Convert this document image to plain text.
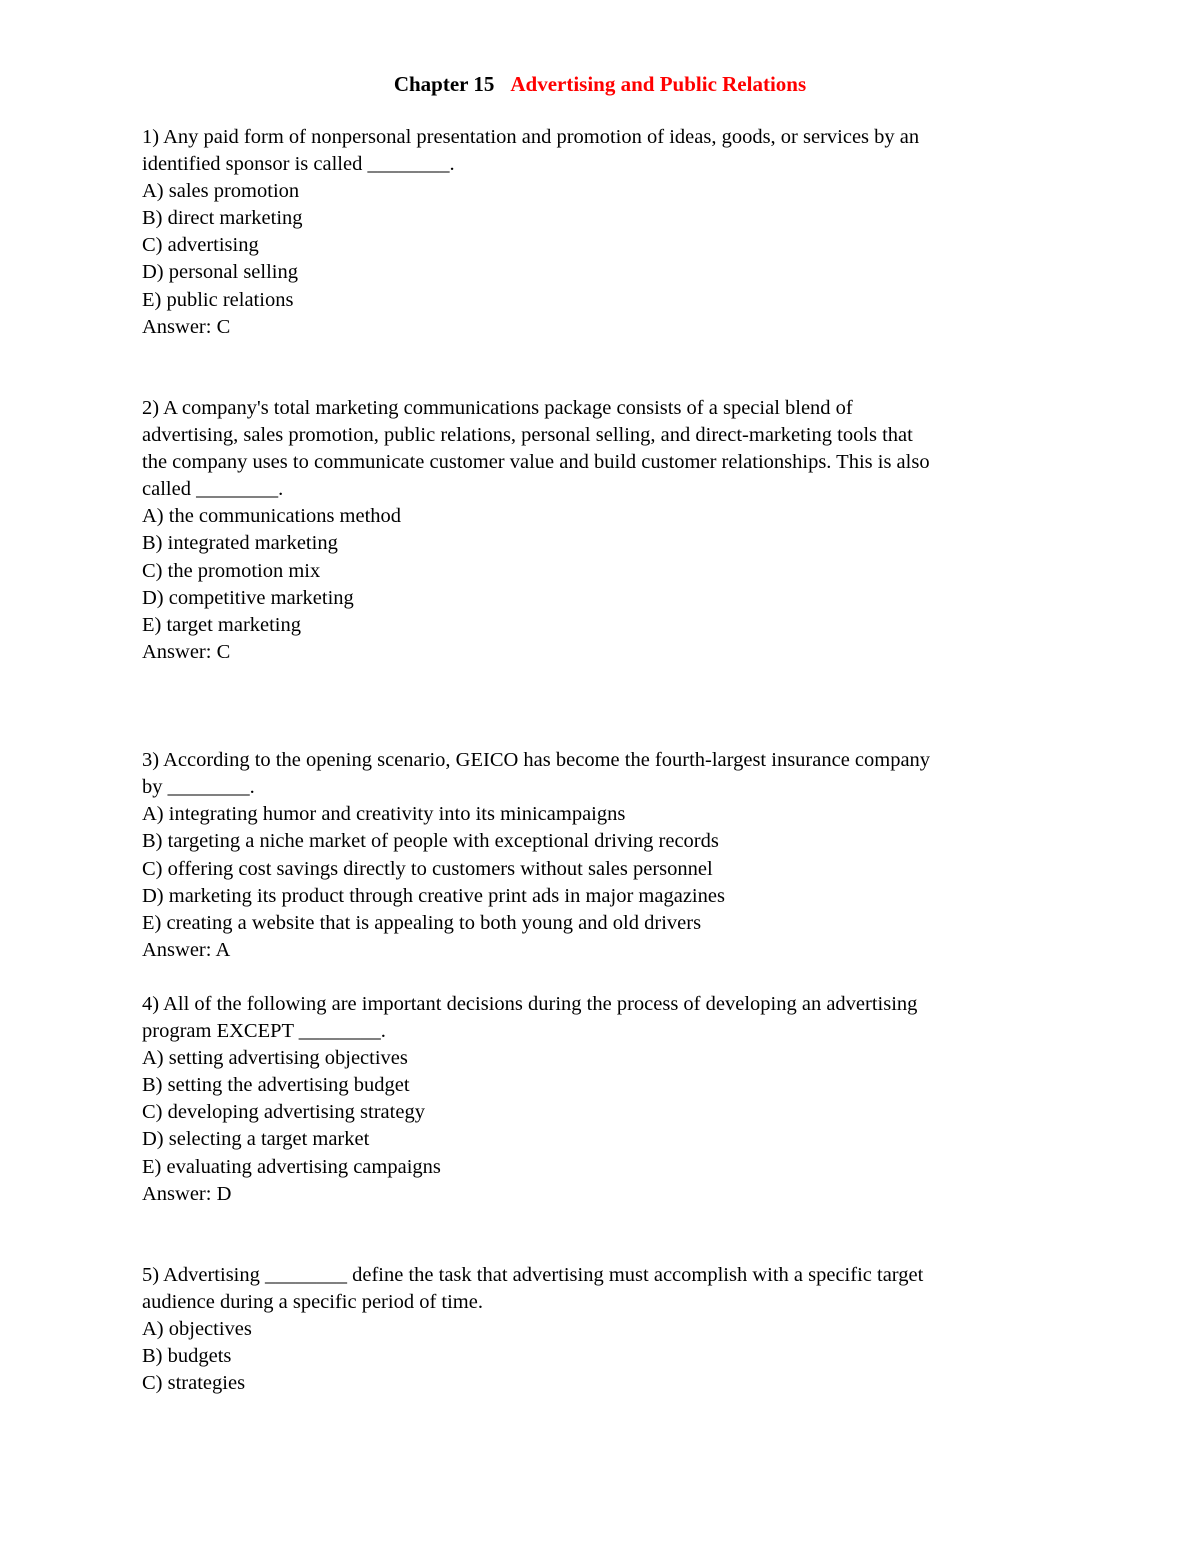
Chapter 15 Advertising and Public Relations
1) Any paid form of nonpersonal presentation and promotion of ideas, goods, or services by an
identified sponsor is called ________.
A) sales promotion
B) direct marketing
C) advertising
D) personal selling
E) public relations
Answer: C
2) A company's total marketing communications package consists of a special blend of
advertising, sales promotion, public relations, personal selling, and direct-marketing tools that
the company uses to communicate customer value and build customer relationships. This is also
called ________.
A) the communications method
B) integrated marketing
C) the promotion mix
D) competitive marketing
E) target marketing
Answer: C
3) According to the opening scenario, GEICO has become the fourth-largest insurance company
by ________.
A) integrating humor and creativity into its minicampaigns
B) targeting a niche market of people with exceptional driving records
C) offering cost savings directly to customers without sales personnel
D) marketing its product through creative print ads in major magazines
E) creating a website that is appealing to both young and old drivers
Answer: A
4) All of the following are important decisions during the process of developing an advertising
program EXCEPT ________.
A) setting advertising objectives
B) setting the advertising budget
C) developing advertising strategy
D) selecting a target market
E) evaluating advertising campaigns
Answer: D
5) Advertising ________ define the task that advertising must accomplish with a specific target
audience during a specific period of time.
A) objectives
B) budgets
C) strategies
